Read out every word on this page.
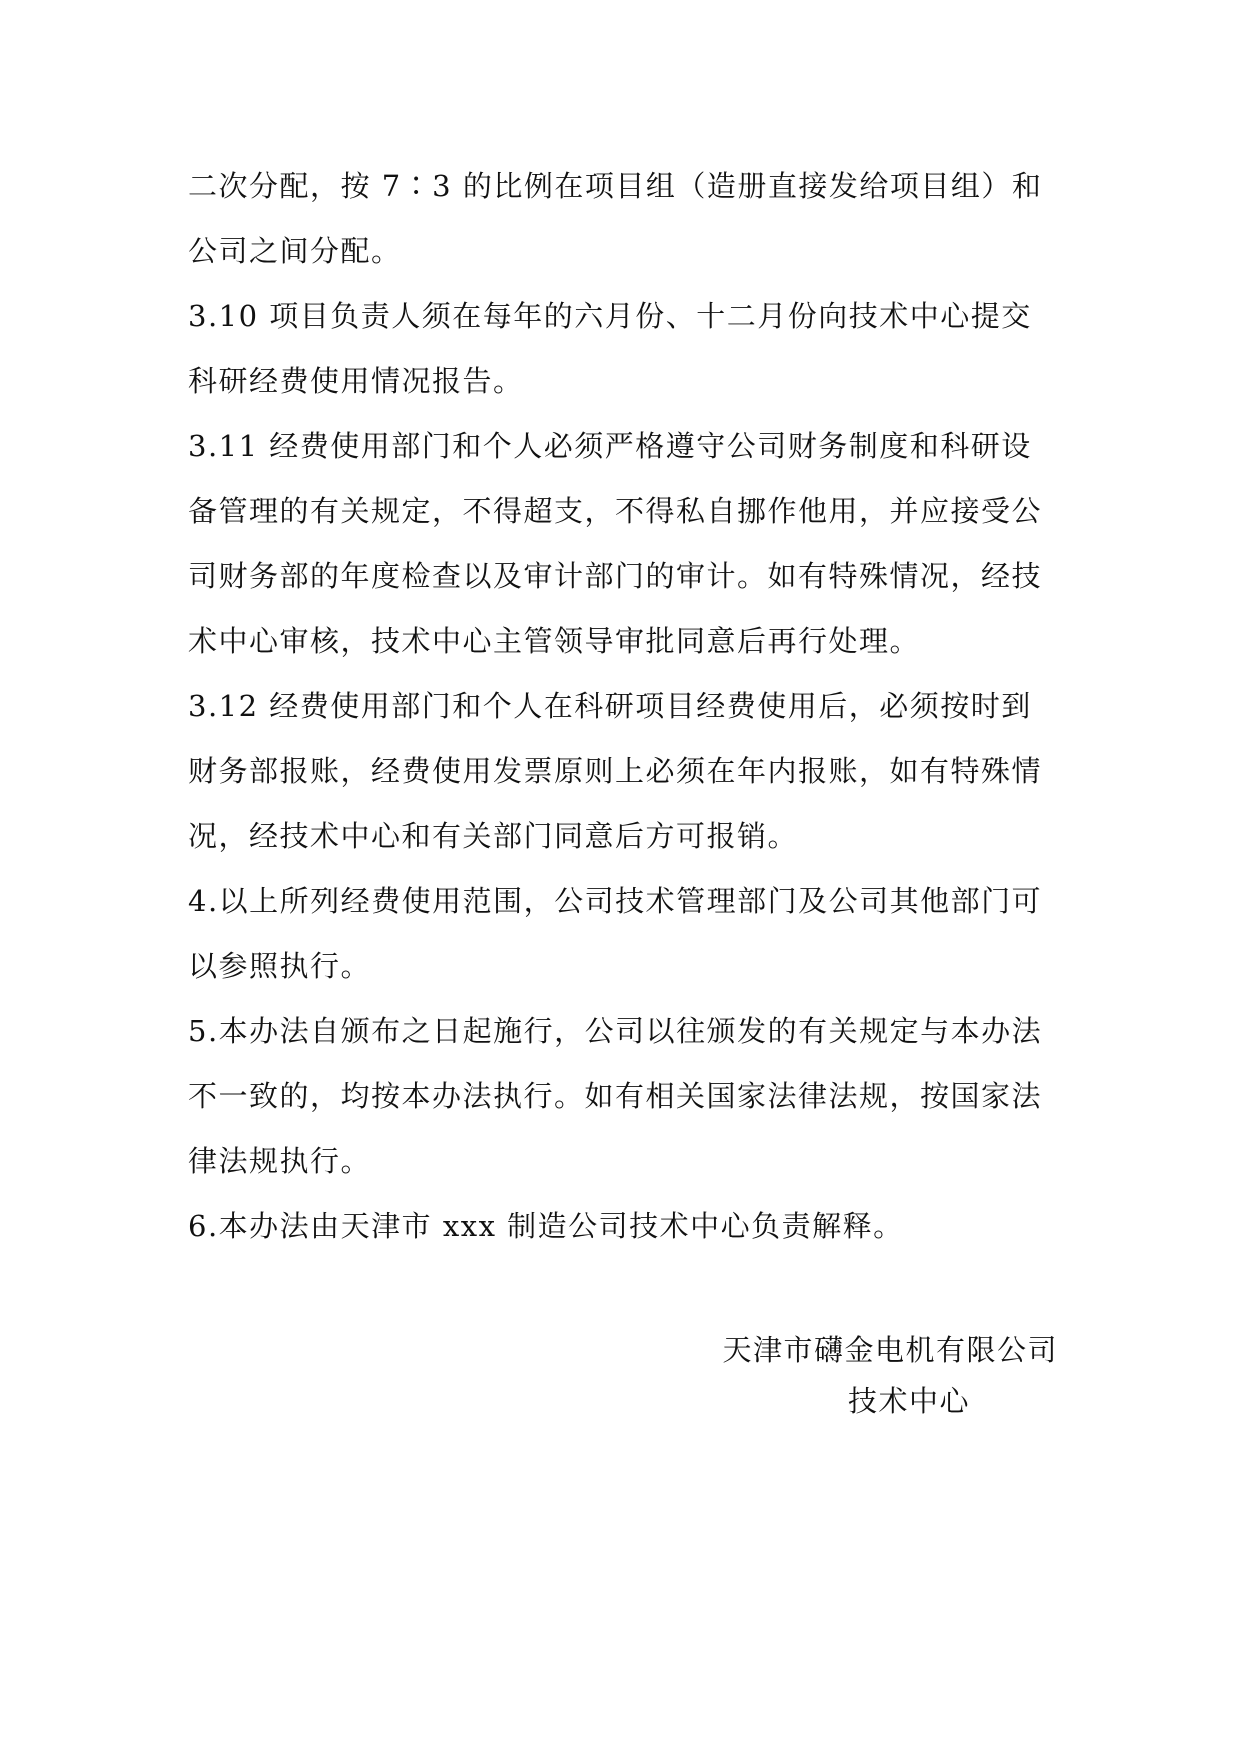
二次分配，按 7∶3 的比例在项目组（造册直接发给项目组）和公司之间分配。

3.10 项目负责人须在每年的六月份、十二月份向技术中心提交科研经费使用情况报告。

3.11 经费使用部门和个人必须严格遵守公司财务制度和科研设备管理的有关规定，不得超支，不得私自挪作他用，并应接受公司财务部的年度检查以及审计部门的审计。如有特殊情况，经技术中心审核，技术中心主管领导审批同意后再行处理。

3.12 经费使用部门和个人在科研项目经费使用后，必须按时到财务部报账，经费使用发票原则上必须在年内报账，如有特殊情况，经技术中心和有关部门同意后方可报销。

4.以上所列经费使用范围，公司技术管理部门及公司其他部门可以参照执行。

5.本办法自颁布之日起施行，公司以往颁发的有关规定与本办法不一致的，均按本办法执行。如有相关国家法律法规，按国家法律法规执行。

6.本办法由天津市 xxx 制造公司技术中心负责解释。

天津市礴金电机有限公司
技术中心
